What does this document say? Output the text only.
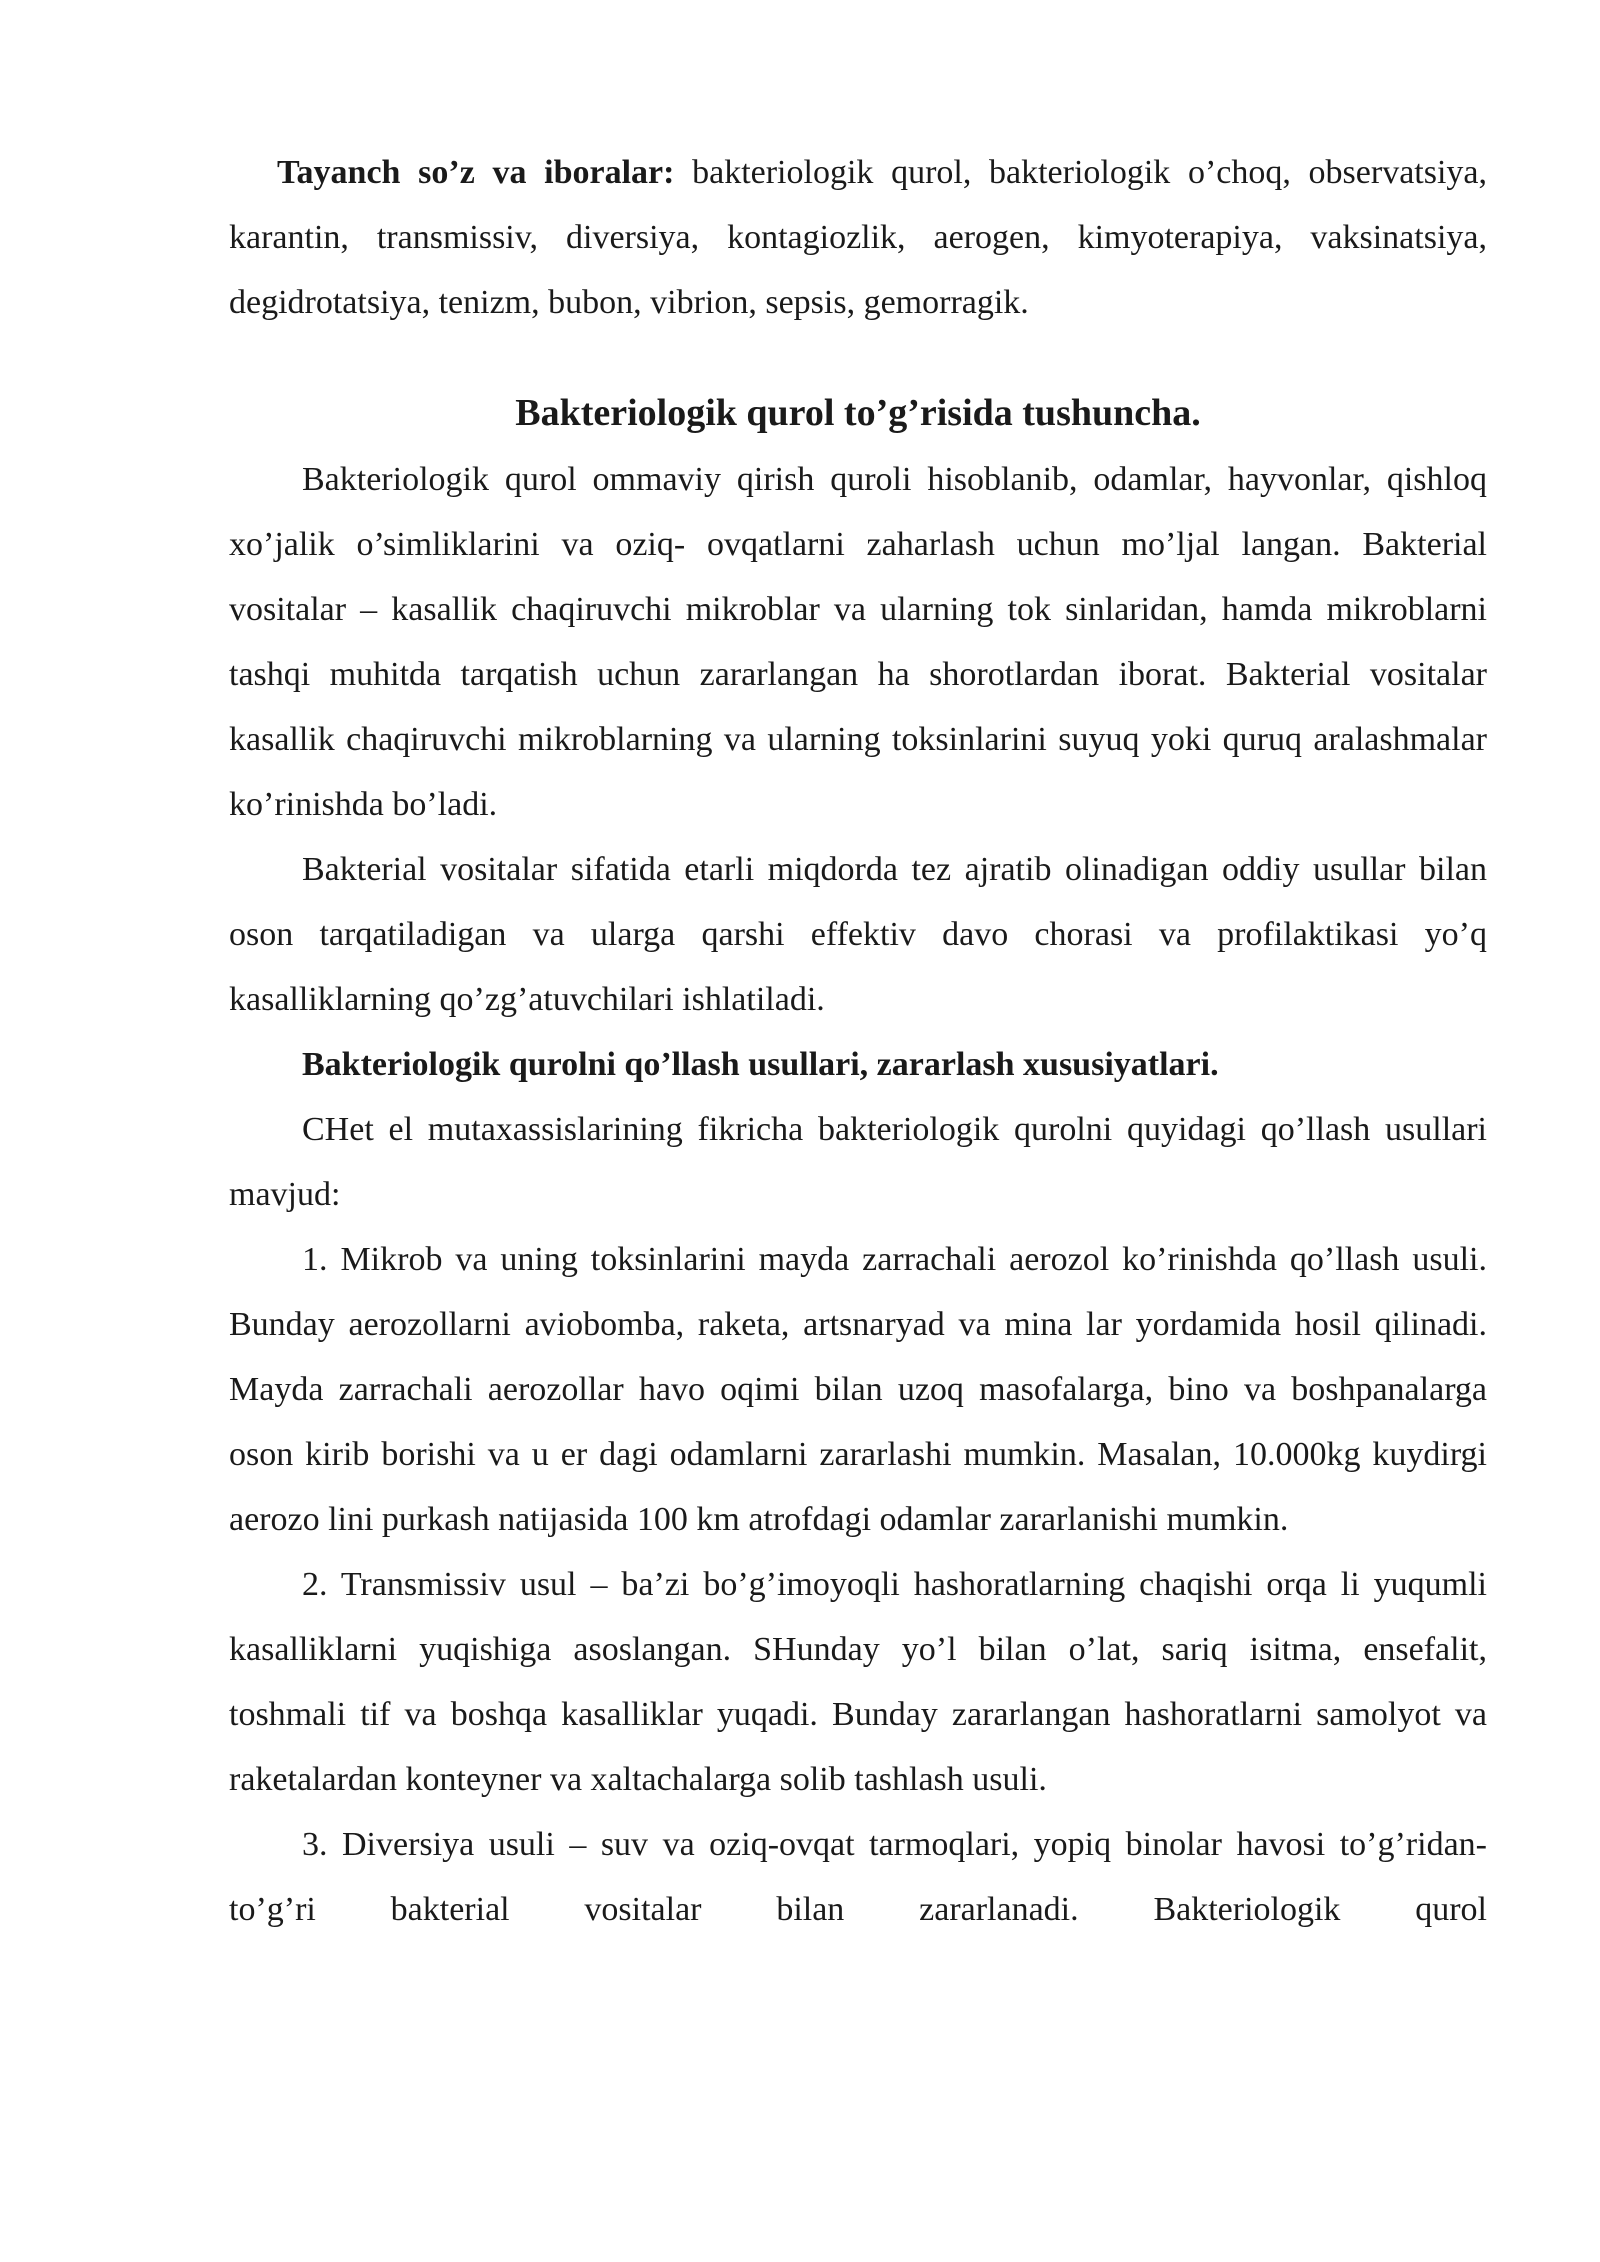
Tayanch so’z va iboralar: bakteriologik qurol, bakteriologik o’choq, observatsiya, karantin, transmissiv, diversiya, kontagiozlik, aerogen, kimyoterapiya, vaksinatsiya, degidrotatsiya, tenizm, bubon, vibrion, sepsis, gemorragik.

Bakteriologik qurol to’g’risida tushuncha.

Bakteriologik qurol ommaviy qirish quroli hisoblanib, odamlar, hayvonlar, qishloq xo’jalik o’simliklarini va oziq- ovqatlarni zaharlash uchun mo’ljal langan. Bakterial vositalar – kasallik chaqiruvchi mikroblar va ularning tok sinlaridan, hamda mikroblarni tashqi muhitda tarqatish uchun zararlangan ha shorotlardan iborat. Bakterial vositalar kasallik chaqiruvchi mikroblarning va ularning toksinlarini suyuq yoki quruq aralashmalar ko’rinishda bo’ladi.

Bakterial vositalar sifatida etarli miqdorda tez ajratib olinadigan oddiy usullar bilan oson tarqatiladigan va ularga qarshi effektiv davo chorasi va profilaktikasi yo’q kasalliklarning qo’zg’atuvchilari ishlatiladi.

Bakteriologik qurolni qo’llash usullari, zararlash xususiyatlari.

CHet el mutaxassislarining fikricha bakteriologik qurolni quyidagi qo’llash usullari mavjud:

1. Mikrob va uning toksinlarini mayda zarrachali aerozol ko’rinishda qo’llash usuli. Bunday aerozollarni aviobomba, raketa, artsnaryad va mina lar yordamida hosil qilinadi. Mayda zarrachali aerozollar havo oqimi bilan uzoq masofalarga, bino va boshpanalarga oson kirib borishi va u er dagi odamlarni zararlashi mumkin. Masalan, 10.000kg kuydirgi aerozo lini purkash natijasida 100 km atrofdagi odamlar zararlanishi mumkin.

2. Transmissiv usul – ba’zi bo’g’imoyoqli hashoratlarning chaqishi orqa li yuqumli kasalliklarni yuqishiga asoslangan. SHunday yo’l bilan o’lat, sariq isitma, ensefalit, toshmali tif va boshqa kasalliklar yuqadi. Bunday zararlangan hashoratlarni samolyot va raketalardan konteyner va xaltachalarga solib tashlash usuli.

3. Diversiya usuli – suv va oziq-ovqat tarmoqlari, yopiq binolar havosi to’g’ridan-to’g’ri bakterial vositalar bilan zararlanadi. Bakteriologik qurol
